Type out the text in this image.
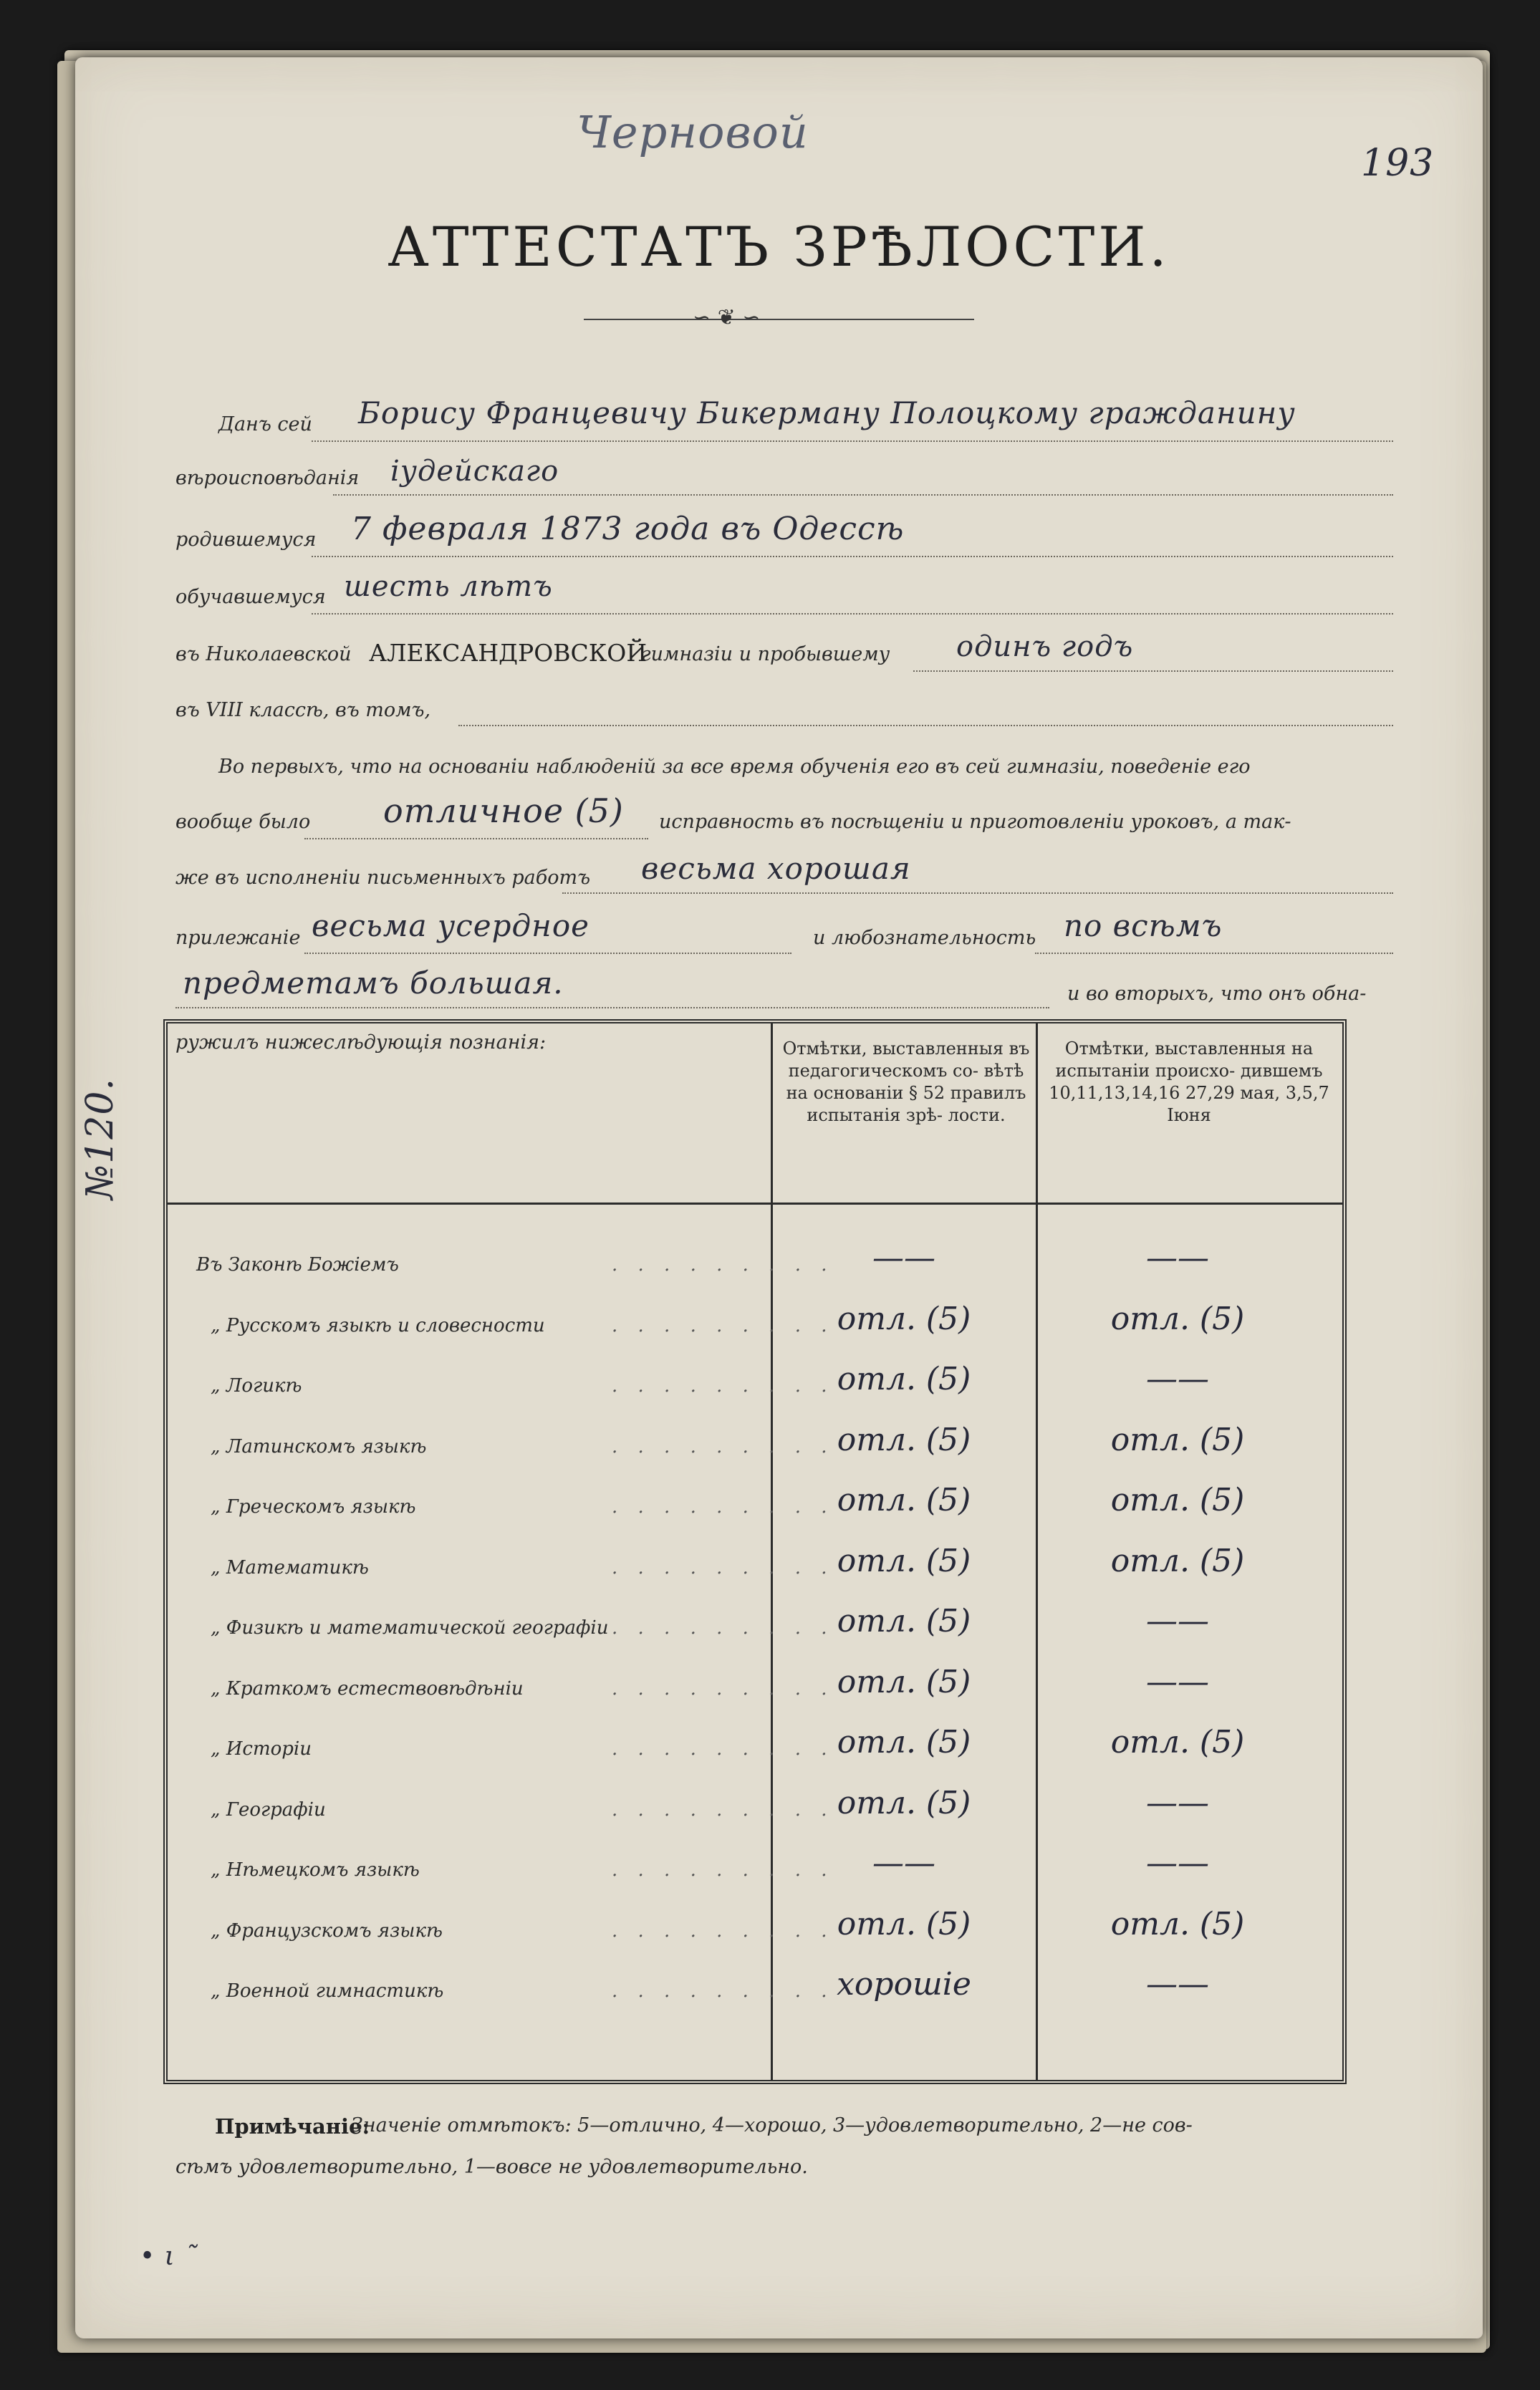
Черновой
193
АТТЕСТАТЪ ЗРѢЛОСТИ.
∽ ❦ ∽
№120.
Данъ сей Борису Францевичу Бикерману Полоцкому гражданину
вѣроисповѣданія іудейскаго
родившемуся 7 февраля 1873 года въ Одессѣ
обучавшемуся шесть лѣтъ
въ Николаевской АЛЕКСАНДРОВСКОЙ
гимназіи и пробывшему одинъ годъ
въ VIII классѣ, въ томъ,
Во первыхъ, что на основаніи наблюденій за все время обученія его въ сей гимназіи, поведеніе его
вообще было отличное (5) исправность въ посѣщеніи и приготовленіи уроковъ, а так-
же въ исполненіи письменныхъ работъ весьма хорошая
прилежаніе весьма усердное	и любознательность по всѣмъ
предметамъ большая.	и во вторыхъ, что онъ обна-
ружилъ нижеслѣдующія познанія:	Отмѣтки, выставленныя въ педагогическомъ со- вѣтѣ на основаніи § 52 правилъ испытанія зрѣ- лости.
Отмѣтки, выставленныя на испытаніи происхо- дившемъ 10,11,13,14,16 27,29 мая, 3,5,7 Іюня
Въ Законѣ Божіемъ	. . . . . . . . .	——	——
„ Русскомъ языкѣ и словесности	. . . . . . . . . отл. (5)	отл. (5)
„ Логикѣ	. . . . . . . . . отл. (5)	——
„ Латинскомъ языкѣ	. . . . . . . . . отл. (5)	отл. (5)
„ Греческомъ языкѣ	. . . . . . . . . отл. (5)	отл. (5)
„ Математикѣ	. . . . . . . . . отл. (5)	отл. (5)
„ Физикѣ и математической географіи . . . . . . . . . отл. (5)	——
„ Краткомъ естествовѣдѣніи	. . . . . . . . . отл. (5)	——
„ Исторіи	. . . . . . . . . отл. (5)	отл. (5)
„ Географіи	. . . . . . . . . отл. (5)	——
„ Нѣмецкомъ языкѣ	. . . . . . . . .	——	——
„ Французскомъ языкѣ	. . . . . . . . . отл. (5)	отл. (5)
„ Военной гимнастикѣ	. . . . . . . . . хорошіе	——
Примѣчаніе:
Значеніе отмѣтокъ: 5—отлично, 4—хорошо, 3—удовлетворительно, 2—не сов-
сѣмъ удовлетворительно, 1—вовсе не удовлетворительно.
• ι ˜
